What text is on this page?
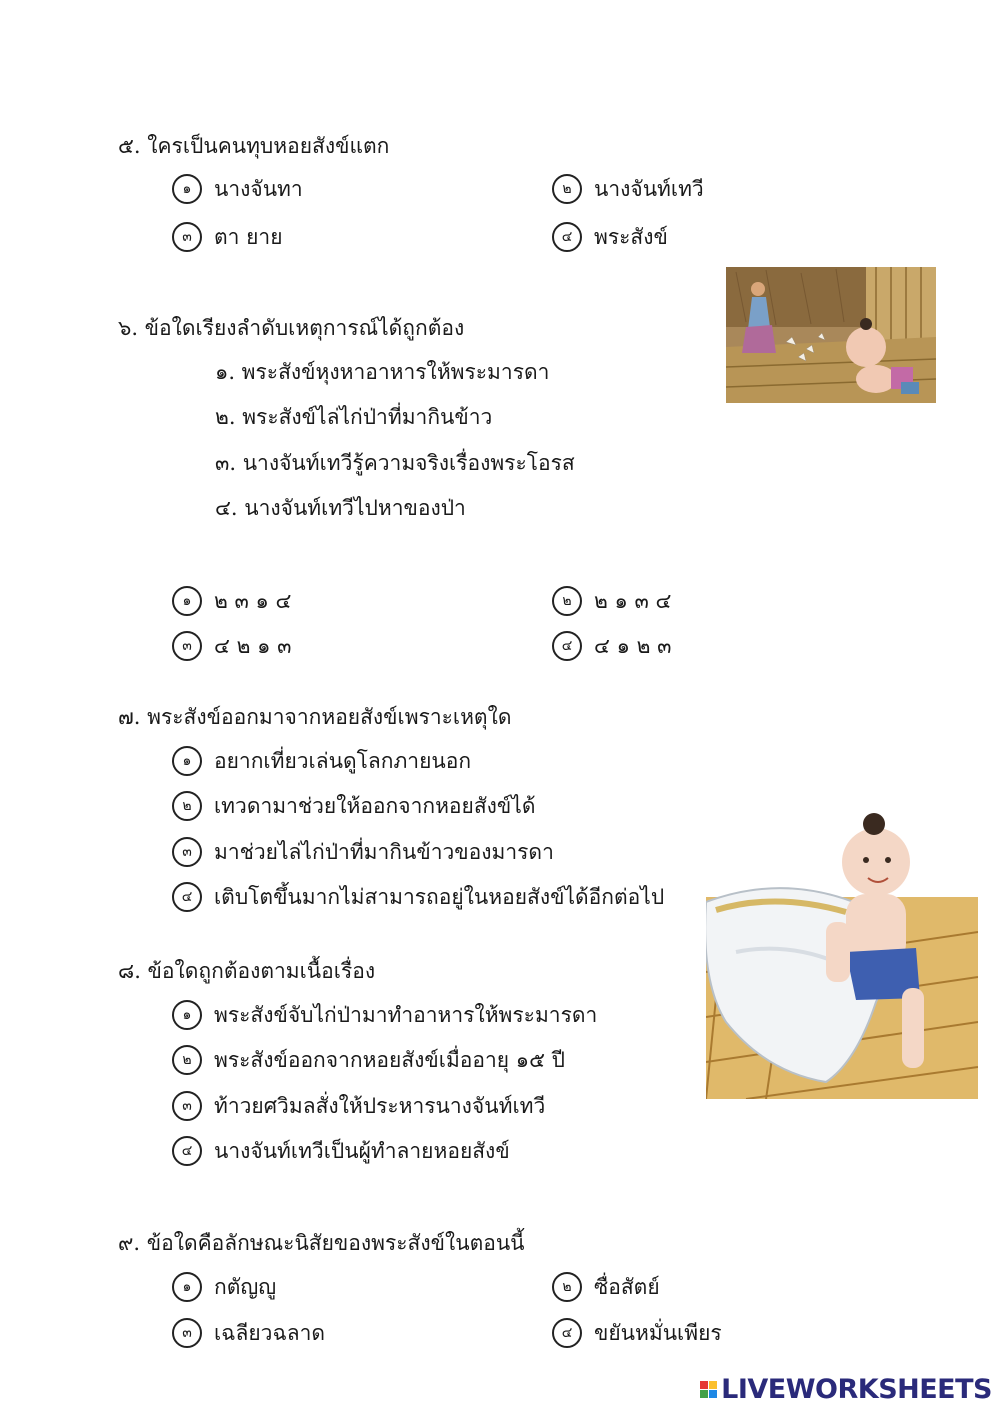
๕. ใครเป็นคนทุบหอยสังข์แตก
๑	นางจันทา	๒	นางจันท์เทวี
๓	ตา ยาย	๔	พระสังข์
๖. ข้อใดเรียงลำดับเหตุการณ์ได้ถูกต้อง
๑. พระสังข์หุงหาอาหารให้พระมารดา
๒. พระสังข์ไล่ไก่ป่าที่มากินข้าว
๓. นางจันท์เทวีรู้ความจริงเรื่องพระโอรส
๔. นางจันท์เทวีไปหาของป่า
๑	๒ ๓ ๑ ๔	๒	๒ ๑ ๓ ๔
๓	๔ ๒ ๑ ๓	๔	๔ ๑ ๒ ๓
๗. พระสังข์ออกมาจากหอยสังข์เพราะเหตุใด
๑	อยากเที่ยวเล่นดูโลกภายนอก
๒	เทวดามาช่วยให้ออกจากหอยสังข์ได้
๓	มาช่วยไล่ไก่ป่าที่มากินข้าวของมารดา
๔	เติบโตขึ้นมากไม่สามารถอยู่ในหอยสังข์ได้อีกต่อไป
๘. ข้อใดถูกต้องตามเนื้อเรื่อง
๑	พระสังข์จับไก่ป่ามาทำอาหารให้พระมารดา
๒	พระสังข์ออกจากหอยสังข์เมื่ออายุ ๑๕ ปี
๓	ท้าวยศวิมลสั่งให้ประหารนางจันท์เทวี
๔	นางจันท์เทวีเป็นผู้ทำลายหอยสังข์
๙. ข้อใดคือลักษณะนิสัยของพระสังข์ในตอนนี้
๑	กตัญญู	๒	ซื่อสัตย์
๓	เฉลียวฉลาด	๔	ขยันหมั่นเพียร
LIVEWORKSHEETS
